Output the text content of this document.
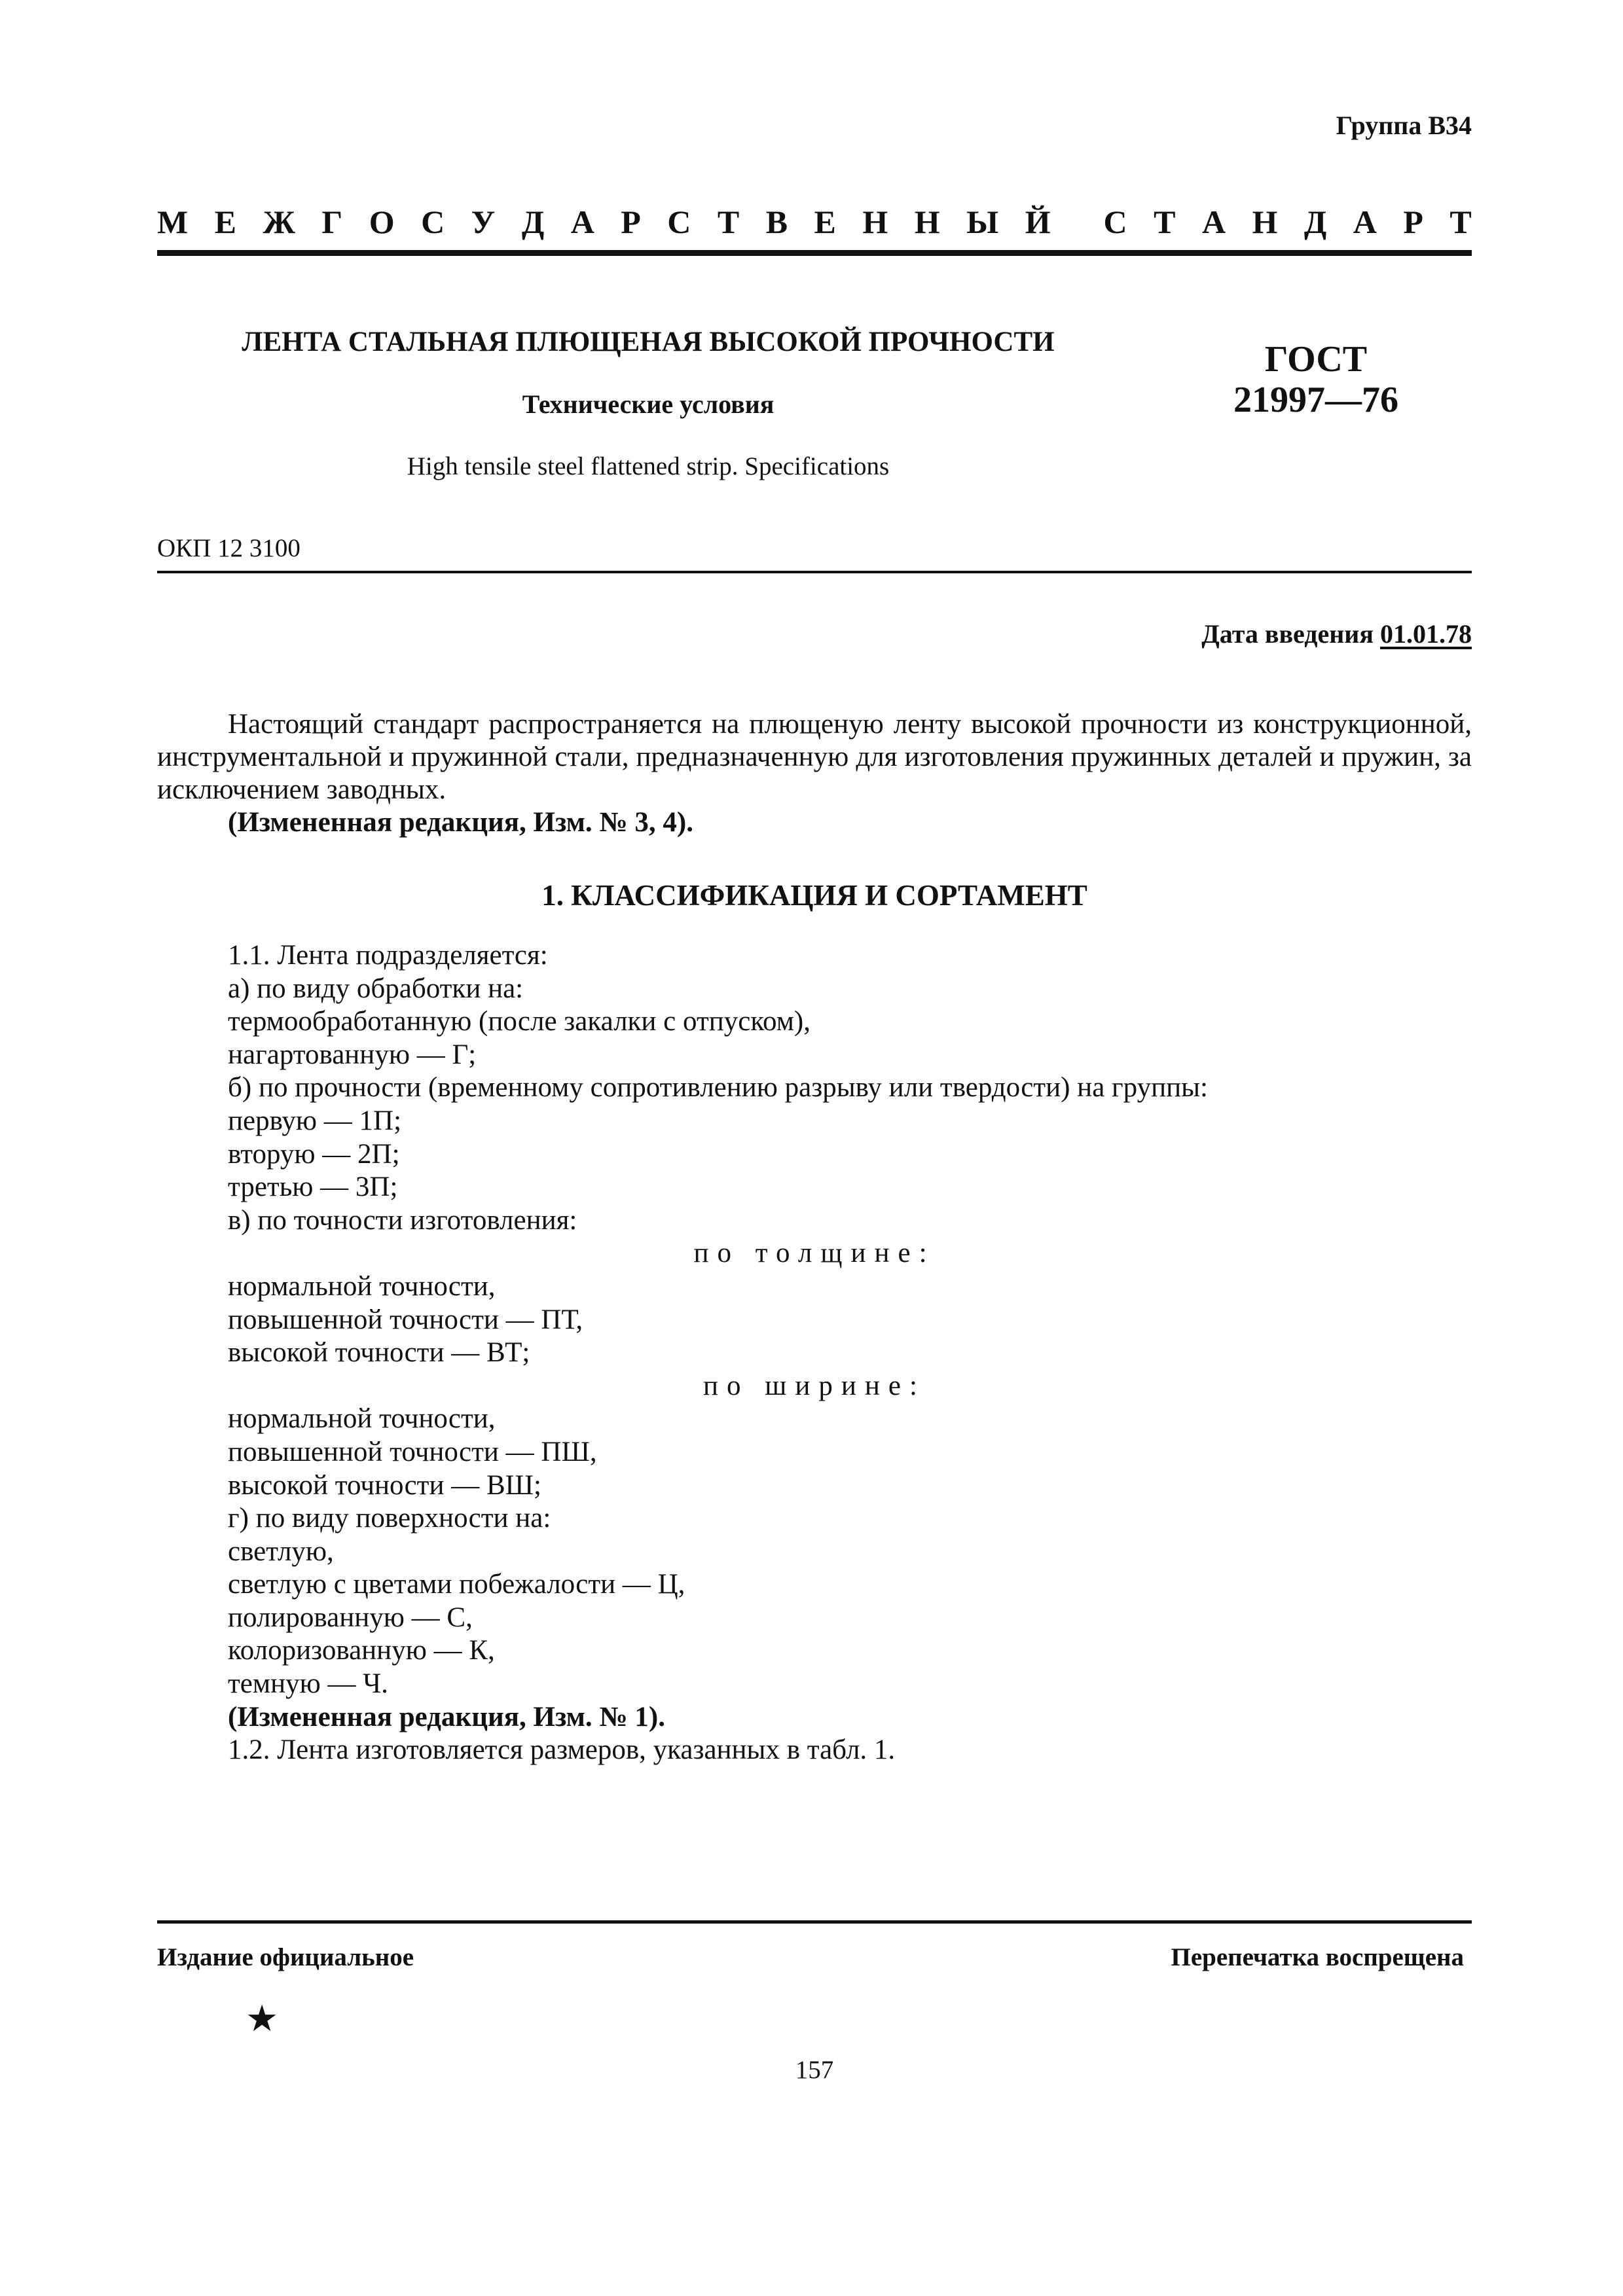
Группа В34
М Е Ж Г О С У Д А Р С Т В Е Н Н Ы Й С Т А Н Д А Р Т
ЛЕНТА СТАЛЬНАЯ ПЛЮЩЕНАЯ ВЫСОКОЙ ПРОЧНОСТИ
Технические условия
High tensile steel flattened strip. Specifications
ГОСТ
21997—76
ОКП 12 3100
Дата введения 01.01.78

Настоящий стандарт распространяется на плющеную ленту высокой прочности из конструкционной, инструментальной и пружинной стали, предназначенную для изготовления пружинных деталей и пружин, за исключением заводных.

(Измененная редакция, Изм. № 3, 4).
1. КЛАССИФИКАЦИЯ И СОРТАМЕНТ
1.1. Лента подразделяется:
а) по виду обработки на:
термообработанную (после закалки с отпуском),
нагартованную — Г;
б) по прочности (временному сопротивлению разрыву или твердости) на группы:
первую — 1П;
вторую — 2П;
третью — 3П;
в) по точности изготовления:
по толщине:
нормальной точности,
повышенной точности — ПТ,
высокой точности — ВТ;
по ширине:
нормальной точности,
повышенной точности — ПШ,
высокой точности — ВШ;
г) по виду поверхности на:
светлую,
светлую с цветами побежалости — Ц,
полированную — С,
колоризованную — К,
темную — Ч.
(Измененная редакция, Изм. № 1).
1.2. Лента изготовляется размеров, указанных в табл. 1.
Издание официальное	Перепечатка воспрещена
★
157
